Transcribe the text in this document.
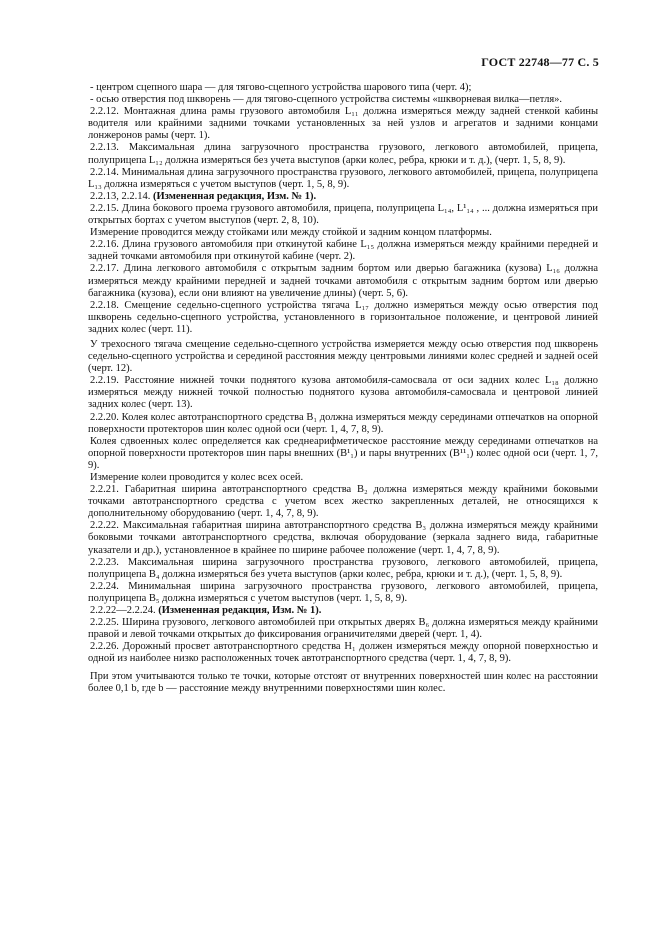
ГОСТ 22748—77 С. 5

- центром сцепного шара — для тягово-сцепного устройства шарового типа (черт. 4);

- осью отверстия под шкворень — для тягово-сцепного устройства системы «шкворневая вилка—петля».

2.2.12. Монтажная длина рамы грузового автомобиля L₁₁ должна измеряться между задней стенкой кабины водителя или крайними задними точками установленных за ней узлов и агрегатов и задними концами лонжеронов рамы (черт. 1).

2.2.13. Максимальная длина загрузочного пространства грузового, легкового автомобилей, прицепа, полуприцепа L₁₂ должна измеряться без учета выступов (арки колес, ребра, крюки и т. д.), (черт. 1, 5, 8, 9).

2.2.14. Минимальная длина загрузочного пространства грузового, легкового автомобилей, прицепа, полуприцепа L₁₃ должна измеряться с учетом выступов (черт. 1, 5, 8, 9).

2.2.13, 2.2.14. (Измененная редакция, Изм. № 1).

2.2.15. Длина бокового проема грузового автомобиля, прицепа, полуприцепа L₁₄, L¹₁₄ , ... должна измеряться при открытых бортах с учетом выступов (черт. 2, 8, 10).

Измерение проводится между стойками или между стойкой и задним концом платформы.

2.2.16. Длина грузового автомобиля при откинутой кабине L₁₅ должна измеряться между крайними передней и задней точками автомобиля при откинутой кабине (черт. 2).

2.2.17. Длина легкового автомобиля с открытым задним бортом или дверью багажника (кузова) L₁₆ должна измеряться между крайними передней и задней точками автомобиля с открытым задним бортом или дверью багажника (кузова), если они влияют на увеличение длины) (черт. 5, 6).

2.2.18. Смещение седельно-сцепного устройства тягача L₁₇ должно измеряться между осью отверстия под шкворень седельно-сцепного устройства, установленного в горизонтальное положение, и центровой линией задних колес (черт. 11).

У трехосного тягача смещение седельно-сцепного устройства измеряется между осью отверстия под шкворень седельно-сцепного устройства и серединой расстояния между центровыми линиями колес средней и задней осей (черт. 12).

2.2.19. Расстояние нижней точки поднятого кузова автомобиля-самосвала от оси задних колес L₁₈ должно измеряться между нижней точкой полностью поднятого кузова автомобиля-самосвала и центровой линией задних колес (черт. 13).

2.2.20. Колея колес автотранспортного средства B₁ должна измеряться между серединами отпечатков на опорной поверхности протекторов шин колес одной оси (черт. 1, 4, 7, 8, 9).

Колея сдвоенных колес определяется как среднеарифметическое расстояние между серединами отпечатков на опорной поверхности протекторов шин пары внешних (B¹₁) и пары внутренних (B¹¹₁) колес одной оси (черт. 1, 7, 9).

Измерение колеи проводится у колес всех осей.

2.2.21. Габаритная ширина автотранспортного средства B₂ должна измеряться между крайними боковыми точками автотранспортного средства с учетом всех жестко закрепленных деталей, не относящихся к дополнительному оборудованию (черт. 1, 4, 7, 8, 9).

2.2.22. Максимальная габаритная ширина автотранспортного средства B₃ должна измеряться между крайними боковыми точками автотранспортного средства, включая оборудование (зеркала заднего вида, габаритные указатели и др.), установленное в крайнее по ширине рабочее положение (черт. 1, 4, 7, 8, 9).

2.2.23. Максимальная ширина загрузочного пространства грузового, легкового автомобилей, прицепа, полуприцепа B₄ должна измеряться без учета выступов (арки колес, ребра, крюки и т. д.), (черт. 1, 5, 8, 9).

2.2.24. Минимальная ширина загрузочного пространства грузового, легкового автомобилей, прицепа, полуприцепа B₅ должна измеряться с учетом выступов (черт. 1, 5, 8, 9).

2.2.22—2.2.24. (Измененная редакция, Изм. № 1).

2.2.25. Ширина грузового, легкового автомобилей при открытых дверях B₆ должна измеряться между крайними правой и левой точками открытых до фиксирования ограничителями дверей (черт. 1, 4).

2.2.26. Дорожный просвет автотранспортного средства H₁ должен измеряться между опорной поверхностью и одной из наиболее низко расположенных точек автотранспортного средства (черт. 1, 4, 7, 8, 9).

При этом учитываются только те точки, которые отстоят от внутренних поверхностей шин колес на расстоянии более 0,1 b, где b — расстояние между внутренними поверхностями шин колес.
